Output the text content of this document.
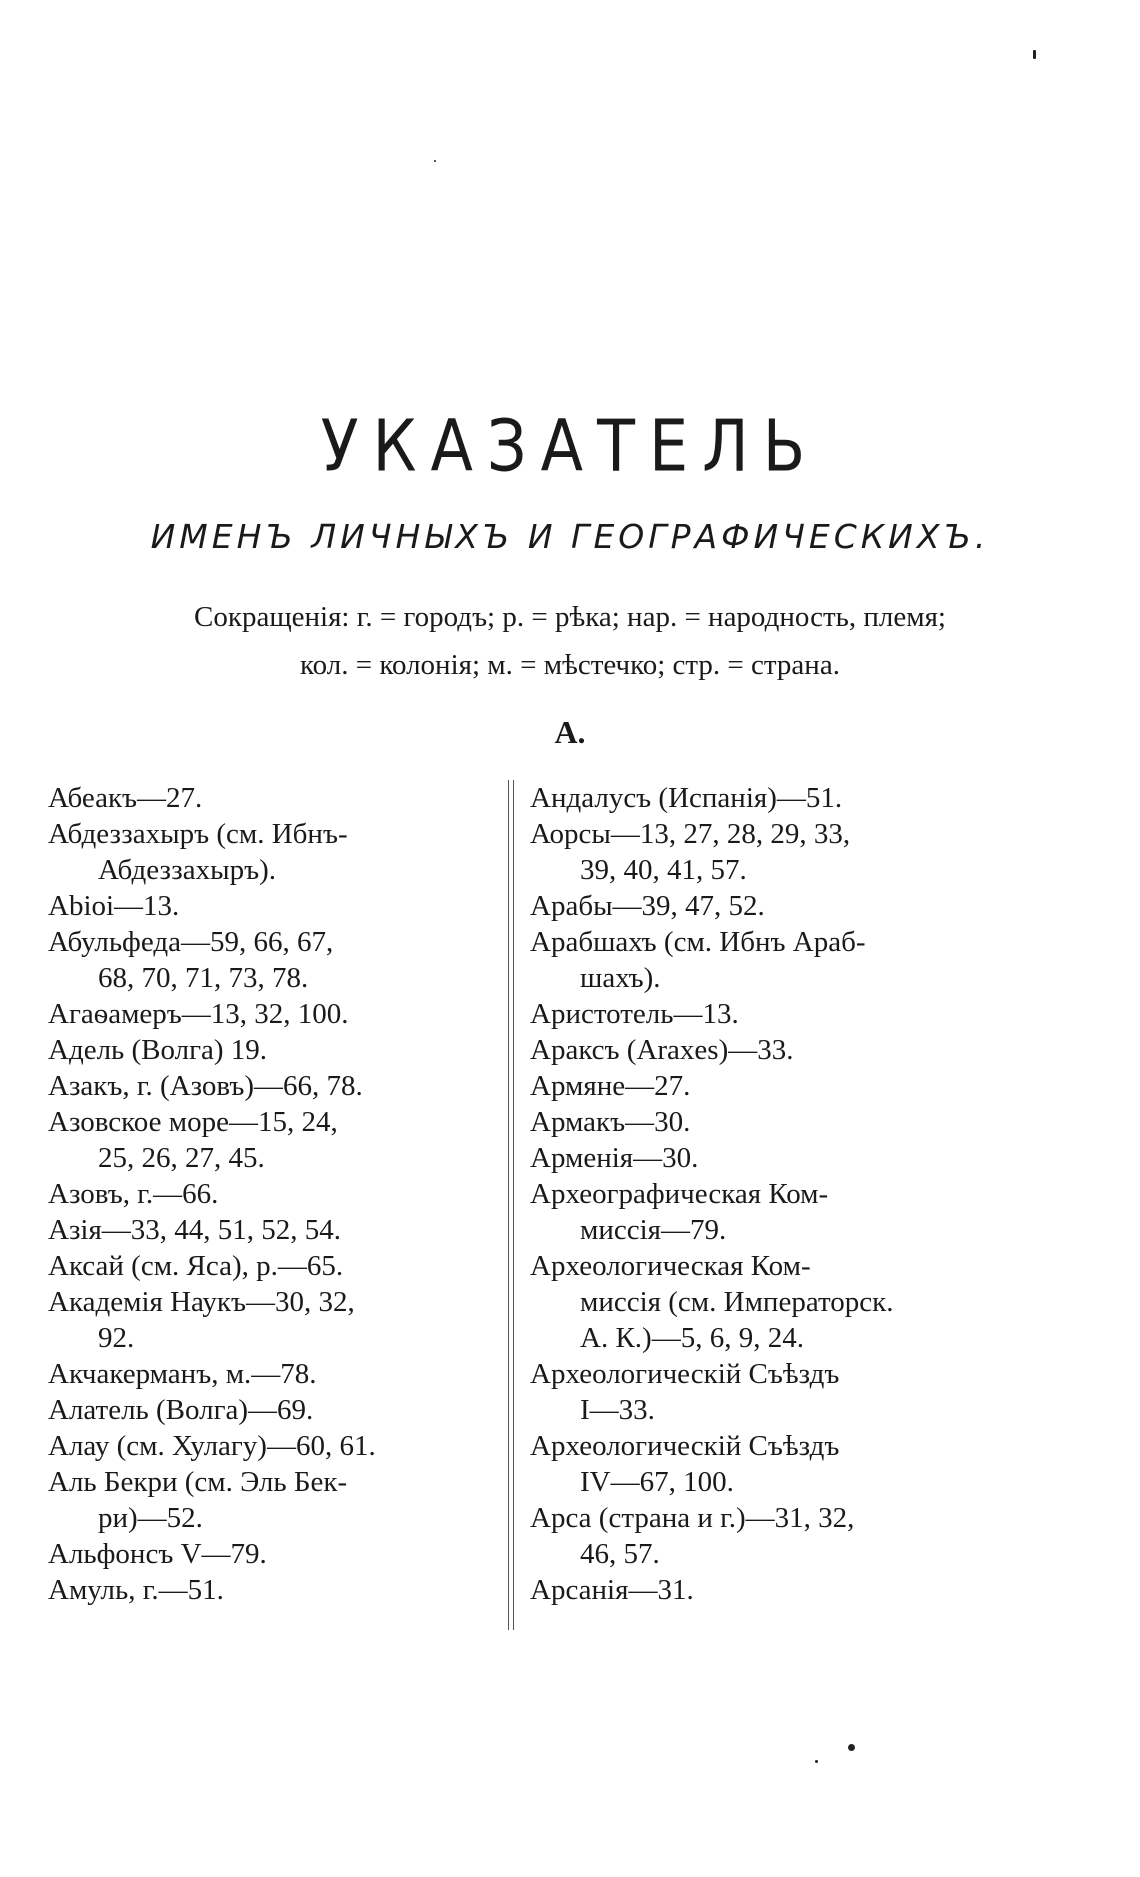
УКАЗАТЕЛЬ
ИМЕНЪ ЛИЧНЫХЪ И ГЕОГРАФИЧЕСКИХЪ.
Сокращенія: г. = городъ; р. = рѣка; нар. = народность, племя;
кол. = колонія; м. = мѣстечко; стр. = страна.
А.
Абеакъ—27.
Абдеззахыръ (см. Ибнъ-
Абдеззахыръ).
Abioi—13.
Абульфеда—59, 66, 67,
68, 70, 71, 73, 78.
Агаѳамеръ—13, 32, 100.
Адель (Волга) 19.
Азакъ, г. (Азовъ)—66, 78.
Азовское море—15, 24,
25, 26, 27, 45.
Азовъ, г.—66.
Азія—33, 44, 51, 52, 54.
Аксай (см. Яса), р.—65.
Академія Наукъ—30, 32,
92.
Акчакерманъ, м.—78.
Алатель (Волга)—69.
Алау (см. Хулагу)—60, 61.
Аль Бекри (см. Эль Бек-
ри)—52.
Альфонсъ V—79.
Амуль, г.—51.
Андалусъ (Испанія)—51.
Аорсы—13, 27, 28, 29, 33,
39, 40, 41, 57.
Арабы—39, 47, 52.
Арабшахъ (см. Ибнъ Араб-
шахъ).
Аристотель—13.
Араксъ (Araxes)—33.
Армяне—27.
Армакъ—30.
Арменія—30.
Археографическая Ком-
миссія—79.
Археологическая Ком-
миссія (см. Императорск.
А. К.)—5, 6, 9, 24.
Археологическій Съѣздъ
I—33.
Археологическій Съѣздъ
IV—67, 100.
Арса (страна и г.)—31, 32,
46, 57.
Арсанія—31.
